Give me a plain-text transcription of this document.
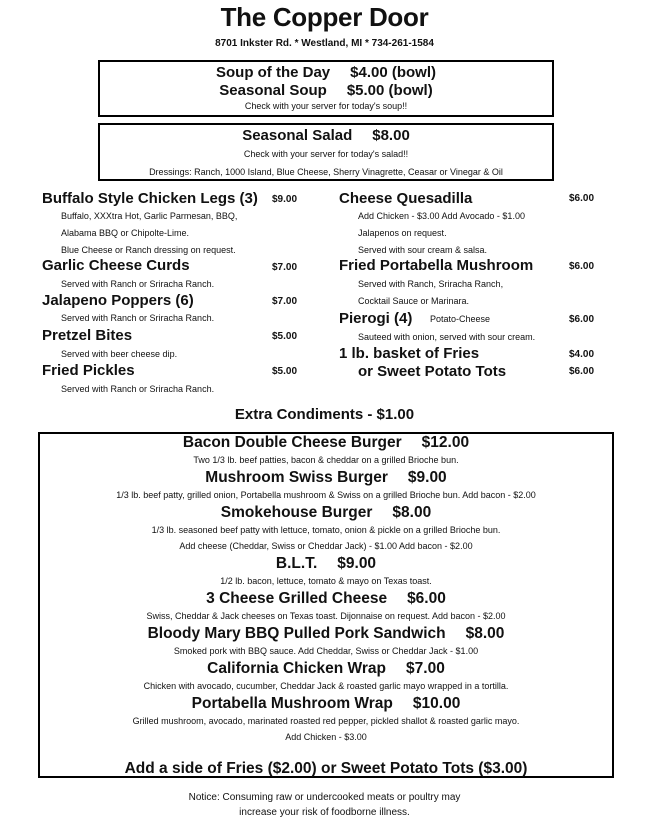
The Copper Door
8701 Inkster Rd. * Westland, MI * 734-261-1584
Soup of the Day $4.00 (bowl)
Seasonal Soup $5.00 (bowl)
Check with your server for today's soup!!
Seasonal Salad $8.00
Check with your server for today's salad!!
Dressings: Ranch, 1000 Island, Blue Cheese, Sherry Vinagrette, Ceasar or Vinegar & Oil
Buffalo Style Chicken Legs (3) $9.00
Buffalo, XXXtra Hot, Garlic Parmesan, BBQ,
Alabama BBQ or Chipolte-Lime.
Blue Cheese or Ranch dressing on request.
Garlic Cheese Curds	$7.00
Served with Ranch or Sriracha Ranch.
Jalapeno Poppers (6)	$7.00
Served with Ranch or Sriracha Ranch.
Pretzel Bites	$5.00
Served with beer cheese dip.
Fried Pickles	$5.00
Served with Ranch or Sriracha Ranch.
Cheese Quesadilla	$6.00
Add Chicken - $3.00 Add Avocado - $1.00
Jalapenos on request.
Served with sour cream & salsa.
Fried Portabella Mushroom	$6.00
Served with Ranch, Sriracha Ranch,
Cocktail Sauce or Marinara.
Pierogi (4) Potato-Cheese	$6.00
Sauteed with onion, served with sour cream.
1 lb. basket of Fries	$4.00
or Sweet Potato Tots	$6.00
Extra Condiments - $1.00
Bacon Double Cheese Burger $12.00
Two 1/3 lb. beef patties, bacon & cheddar on a grilled Brioche bun.
Mushroom Swiss Burger $9.00
1/3 lb. beef patty, grilled onion, Portabella mushroom & Swiss on a grilled Brioche bun. Add bacon - $2.00
Smokehouse Burger $8.00
1/3 lb. seasoned beef patty with lettuce, tomato, onion & pickle on a grilled Brioche bun.
Add cheese (Cheddar, Swiss or Cheddar Jack) - $1.00 Add bacon - $2.00
B.L.T. $9.00
1/2 lb. bacon, lettuce, tomato & mayo on Texas toast.
3 Cheese Grilled Cheese $6.00
Swiss, Cheddar & Jack cheeses on Texas toast. Dijonnaise on request. Add bacon - $2.00
Bloody Mary BBQ Pulled Pork Sandwich $8.00
Smoked pork with BBQ sauce. Add Cheddar, Swiss or Cheddar Jack - $1.00
California Chicken Wrap $7.00
Chicken with avocado, cucumber, Cheddar Jack & roasted garlic mayo wrapped in a tortilla.
Portabella Mushroom Wrap $10.00
Grilled mushroom, avocado, marinated roasted red pepper, pickled shallot & roasted garlic mayo.
Add Chicken - $3.00
Add a side of Fries ($2.00) or Sweet Potato Tots ($3.00)
Notice: Consuming raw or undercooked meats or poultry may
increase your risk of foodborne illness.
